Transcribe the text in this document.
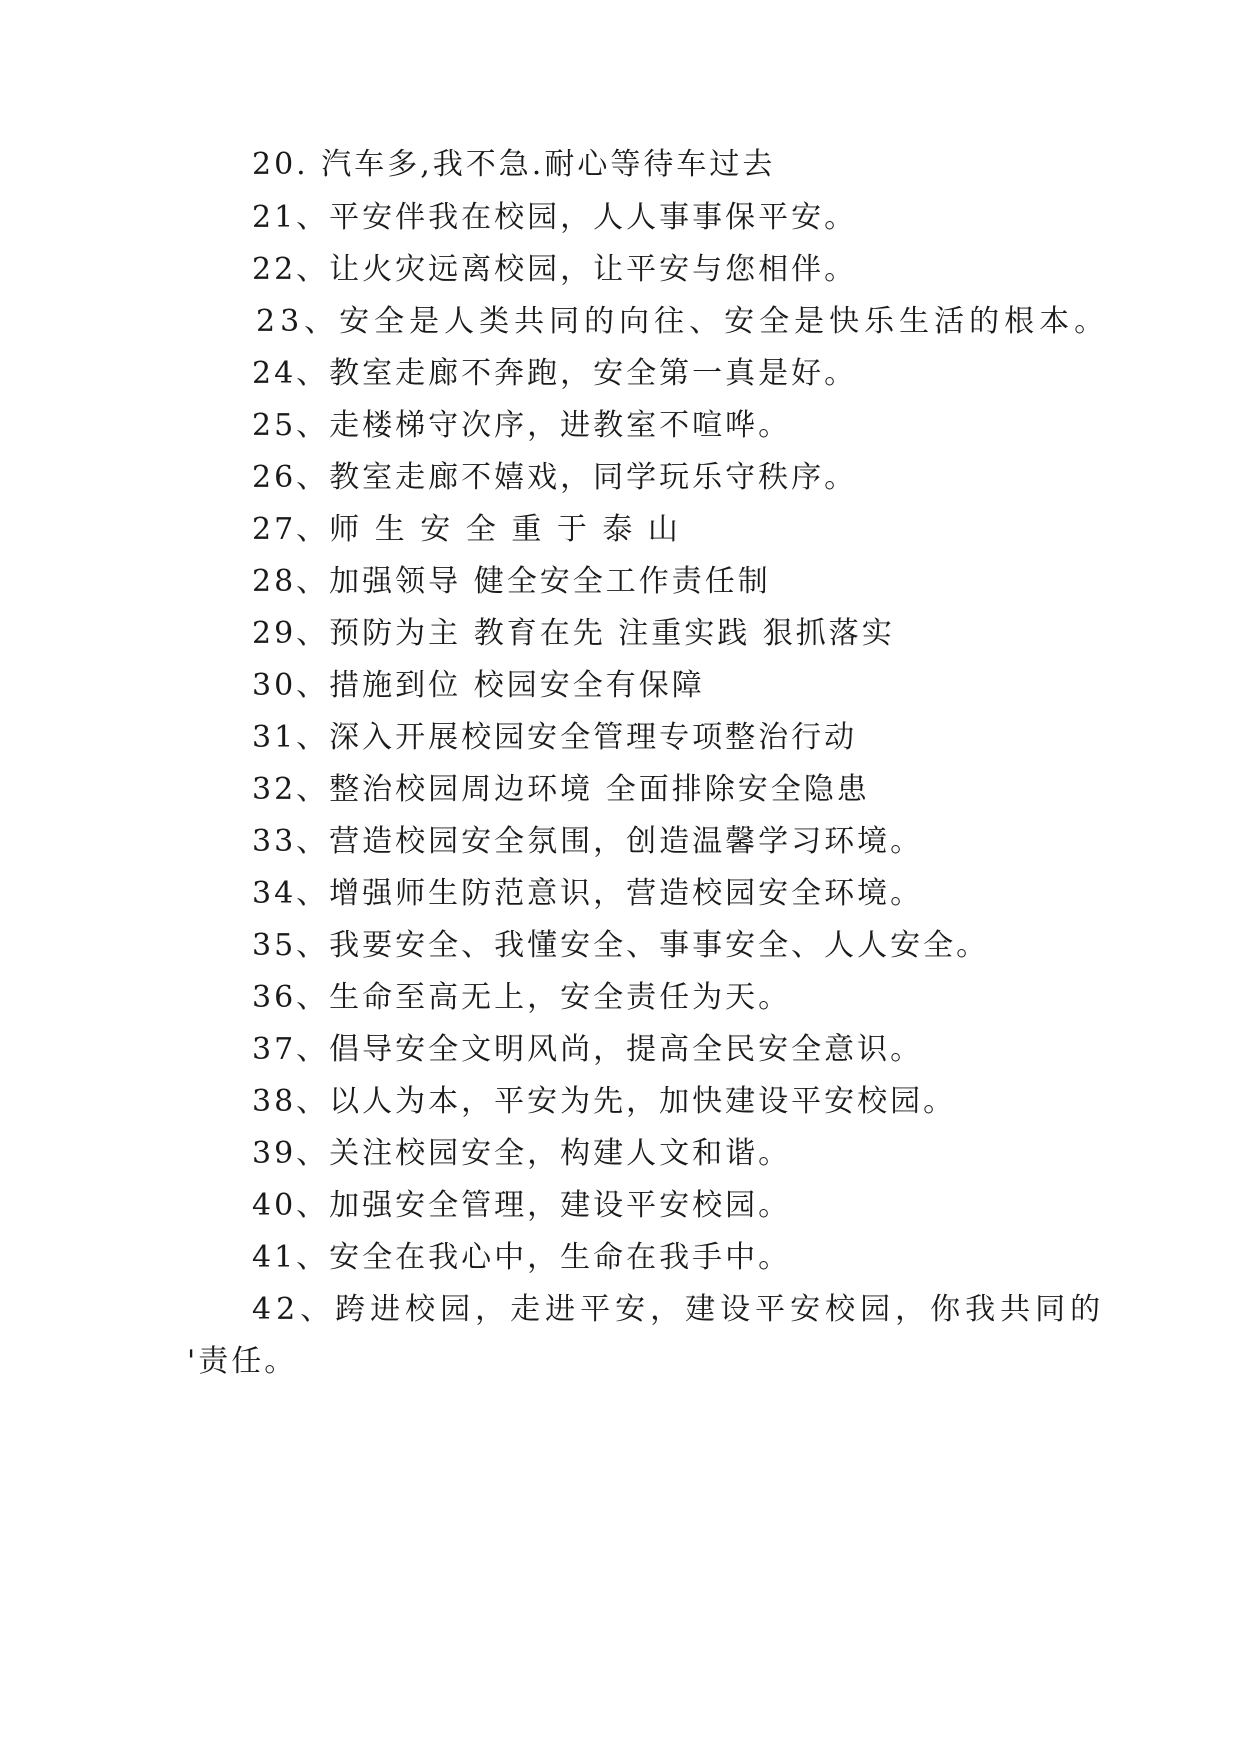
20. 汽车多,我不急.耐心等待车过去
21、平安伴我在校园，人人事事保平安。
22、让火灾远离校园，让平安与您相伴。
23、安全是人类共同的向往、安全是快乐生活的根本。
24、教室走廊不奔跑，安全第一真是好。
25、走楼梯守次序，进教室不喧哗。
26、教室走廊不嬉戏，同学玩乐守秩序。
27、师 生 安 全 重 于 泰 山
28、加强领导 健全安全工作责任制
29、预防为主 教育在先 注重实践 狠抓落实
30、措施到位 校园安全有保障
31、深入开展校园安全管理专项整治行动
32、整治校园周边环境 全面排除安全隐患
33、营造校园安全氛围，创造温馨学习环境。
34、增强师生防范意识，营造校园安全环境。
35、我要安全、我懂安全、事事安全、人人安全。
36、生命至高无上，安全责任为天。
37、倡导安全文明风尚，提高全民安全意识。
38、以人为本，平安为先，加快建设平安校园。
39、关注校园安全，构建人文和谐。
40、加强安全管理，建设平安校园。
41、安全在我心中，生命在我手中。
42、跨进校园，走进平安，建设平安校园，你我共同的
'责任。
